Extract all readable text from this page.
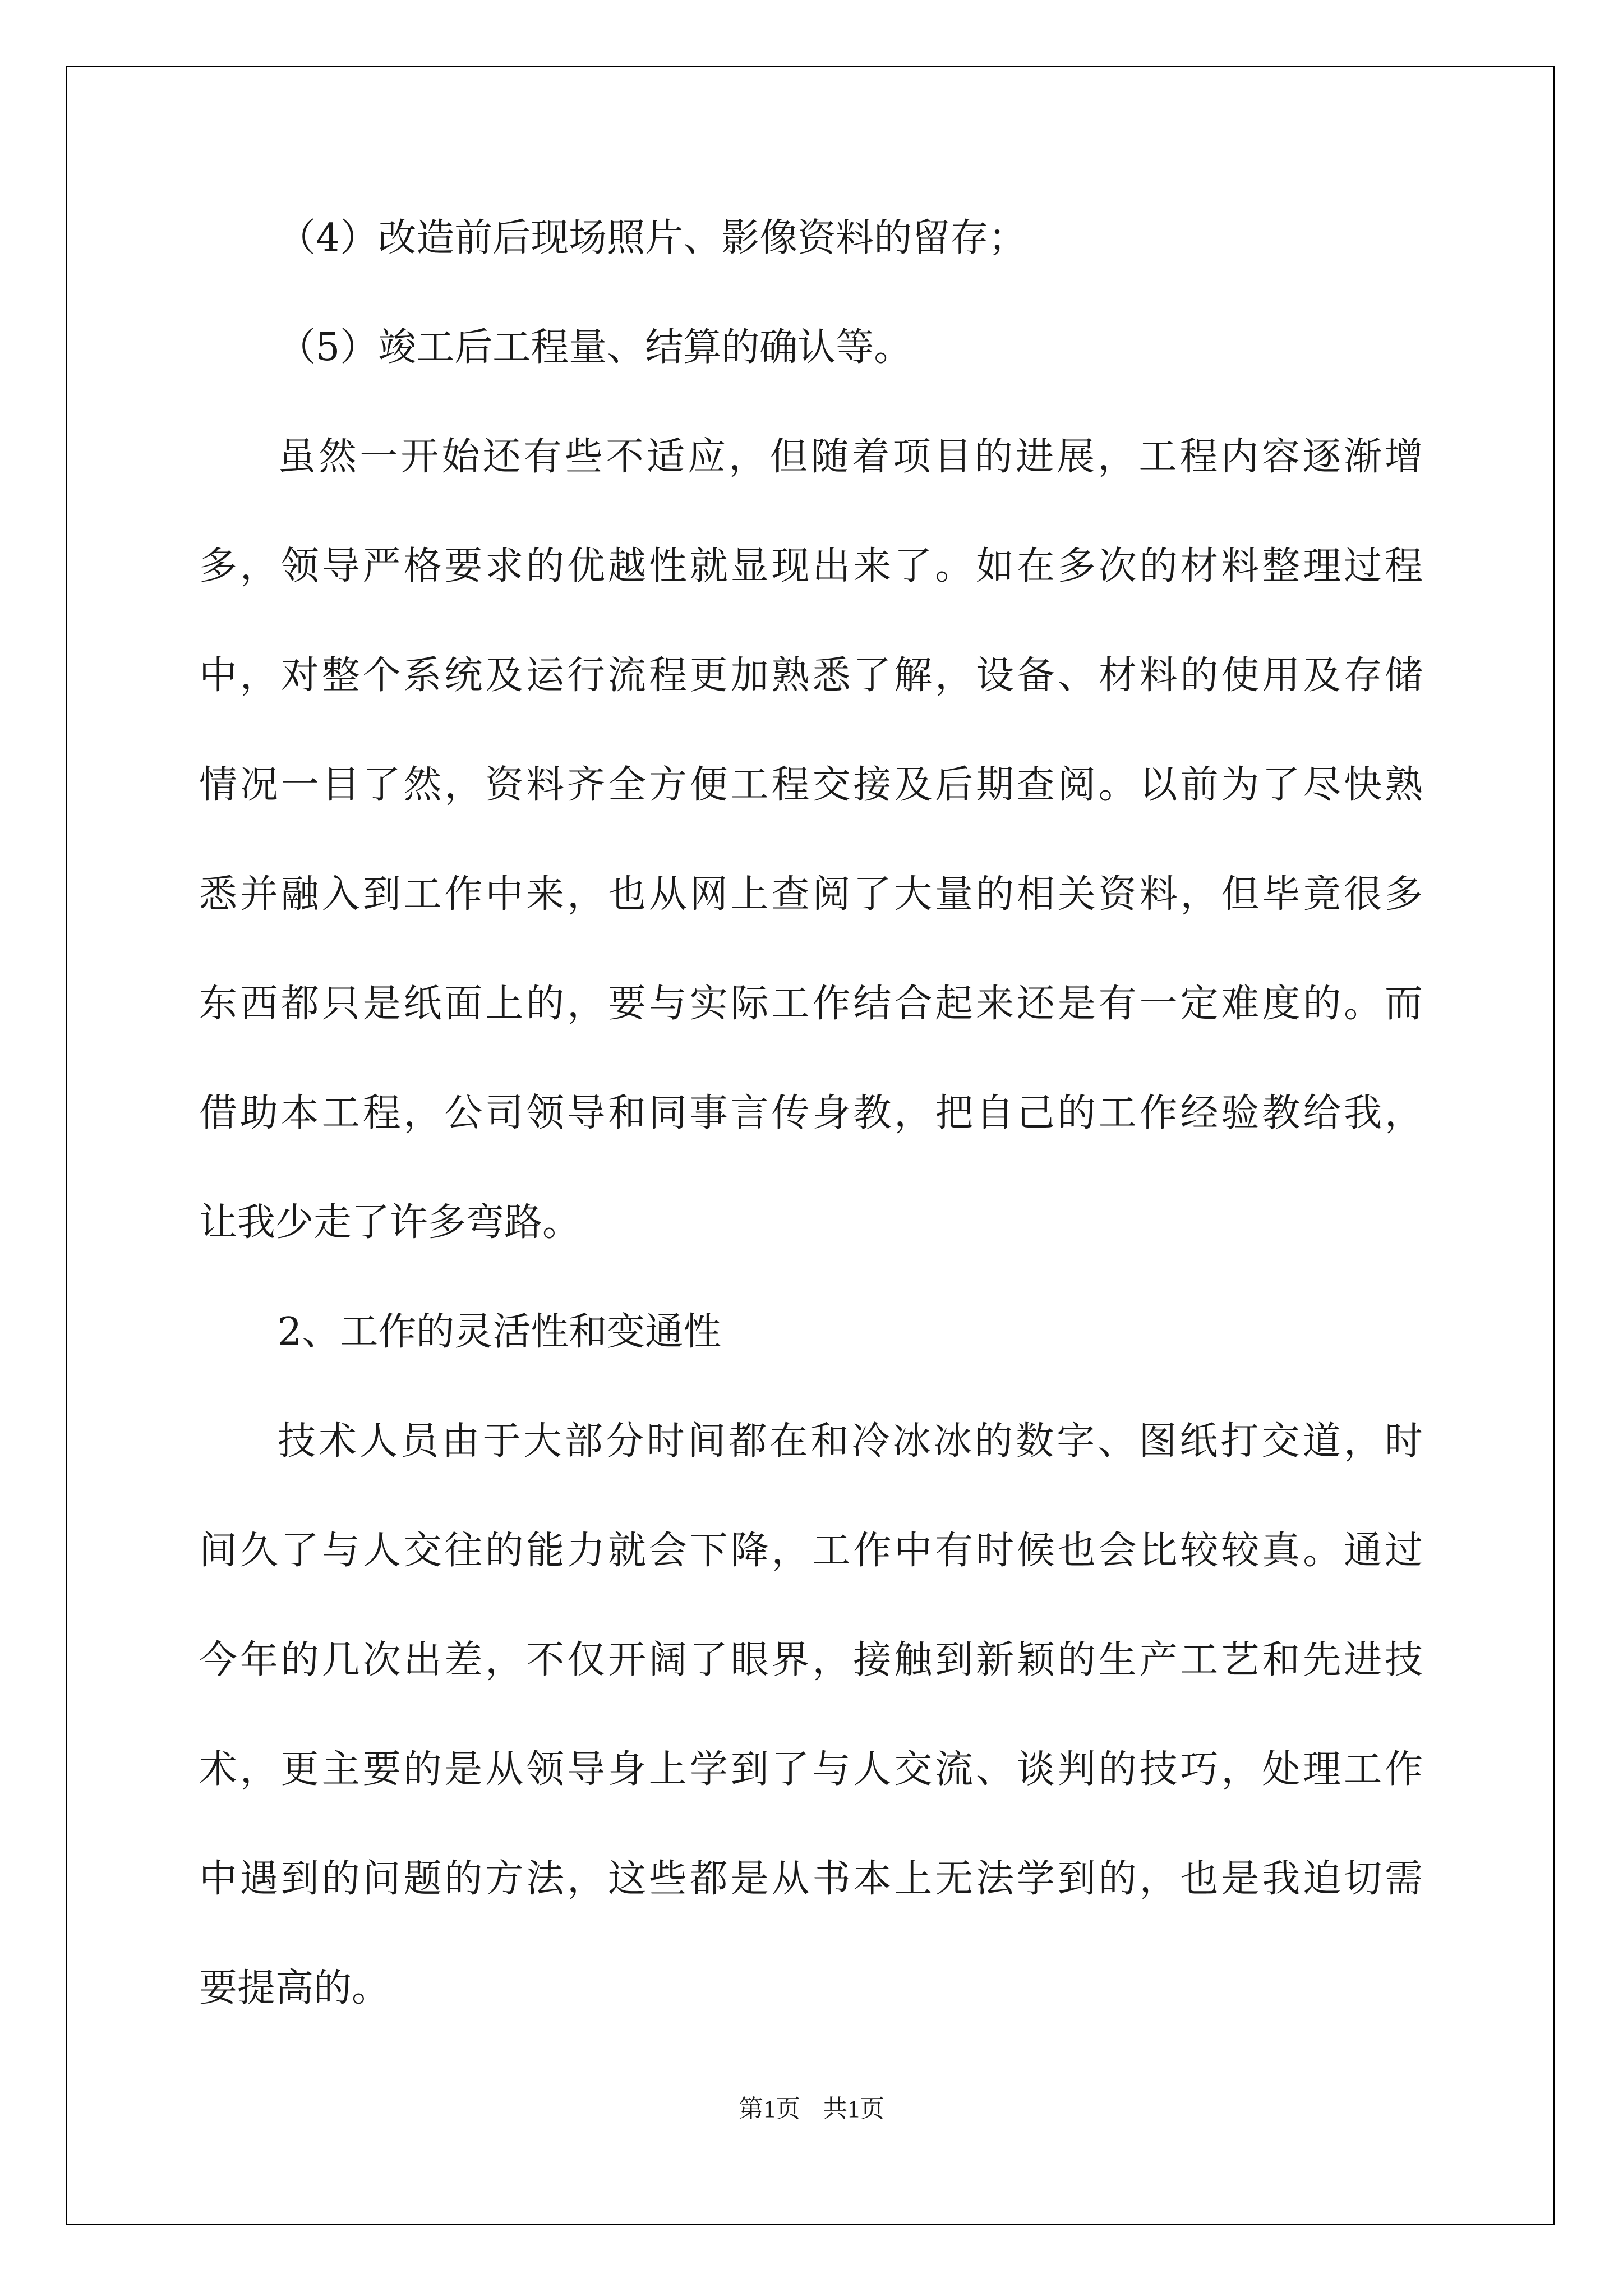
（4）改造前后现场照片、影像资料的留存；
（5）竣工后工程量、结算的确认等。
虽然一开始还有些不适应，但随着项目的进展，工程内容逐渐增
多，领导严格要求的优越性就显现出来了。如在多次的材料整理过程
中，对整个系统及运行流程更加熟悉了解，设备、材料的使用及存储
情况一目了然，资料齐全方便工程交接及后期查阅。以前为了尽快熟
悉并融入到工作中来，也从网上查阅了大量的相关资料，但毕竟很多
东西都只是纸面上的，要与实际工作结合起来还是有一定难度的。而
借助本工程，公司领导和同事言传身教，把自己的工作经验教给我，
让我少走了许多弯路。
2、工作的灵活性和变通性
技术人员由于大部分时间都在和冷冰冰的数字、图纸打交道，时
间久了与人交往的能力就会下降，工作中有时候也会比较较真。通过
今年的几次出差，不仅开阔了眼界，接触到新颖的生产工艺和先进技
术，更主要的是从领导身上学到了与人交流、谈判的技巧，处理工作
中遇到的问题的方法，这些都是从书本上无法学到的，也是我迫切需
要提高的。
第1页 共1页
